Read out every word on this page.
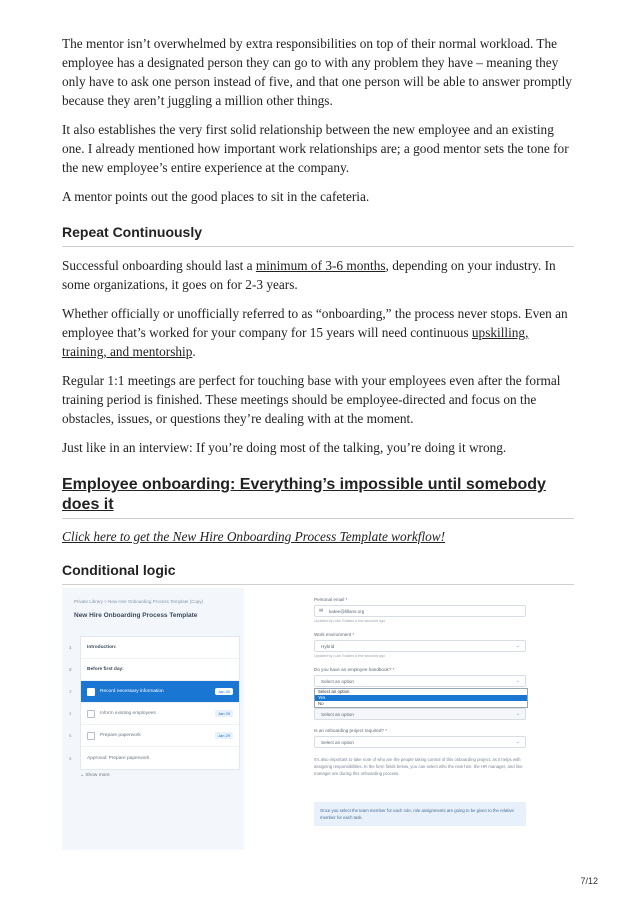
The mentor isn’t overwhelmed by extra responsibilities on top of their normal workload. The employee has a designated person they can go to with any problem they have – meaning they only have to ask one person instead of five, and that one person will be able to answer promptly because they aren’t juggling a million other things.

It also establishes the very first solid relationship between the new employee and an existing one. I already mentioned how important work relationships are; a good mentor sets the tone for the new employee’s entire experience at the company.

A mentor points out the good places to sit in the cafeteria.

Repeat Continuously

Successful onboarding should last a minimum of 3-6 months, depending on your industry. In some organizations, it goes on for 2-3 years.

Whether officially or unofficially referred to as “onboarding,” the process never stops. Even an employee that’s worked for your company for 15 years will need continuous upskilling, training, and mentorship.

Regular 1:1 meetings are perfect for touching base with your employees even after the formal training period is finished. These meetings should be employee-directed and focus on the obstacles, issues, or questions they’re dealing with at the moment.

Just like in an interview: If you’re doing most of the talking, you’re doing it wrong.

Employee onboarding: Everything’s impossible until somebody does it
Click here to get the New Hire Onboarding Process Template workflow!
Conditional logic
Private Library > New Hire Onboarding Process Template (Copy)
New Hire Onboarding Process Template
1	Introduction:
2	Before first day:
3	Record necessary information	Jan 30
4	Inform existing employees	Jan 29
5	Prepare paperwork	Jan 29
6	Approval: Prepare paperwork
⌄ Show more
Personal email *
✉ katee@lillans.org
Updated by Luke Shakes a few seconds ago
Work environment *
Hybrid	⌄
Updated by Luke Shakes a few seconds ago
Do you have an employee handbook? *
Select an option	⌄
Select an option
Yes
No
Select an option	⌄
Is an onboarding project required? *
Select an option	⌄
It’s also important to take note of who are the people taking control of this onboarding project, as it helps with assigning responsibilities. In the form fields below, you can select who the new hire, the HR manager, and line manager are during this onboarding process.
Once you select the team member for each role, role assignments are going to be given to the relative member for each task.
7/12
